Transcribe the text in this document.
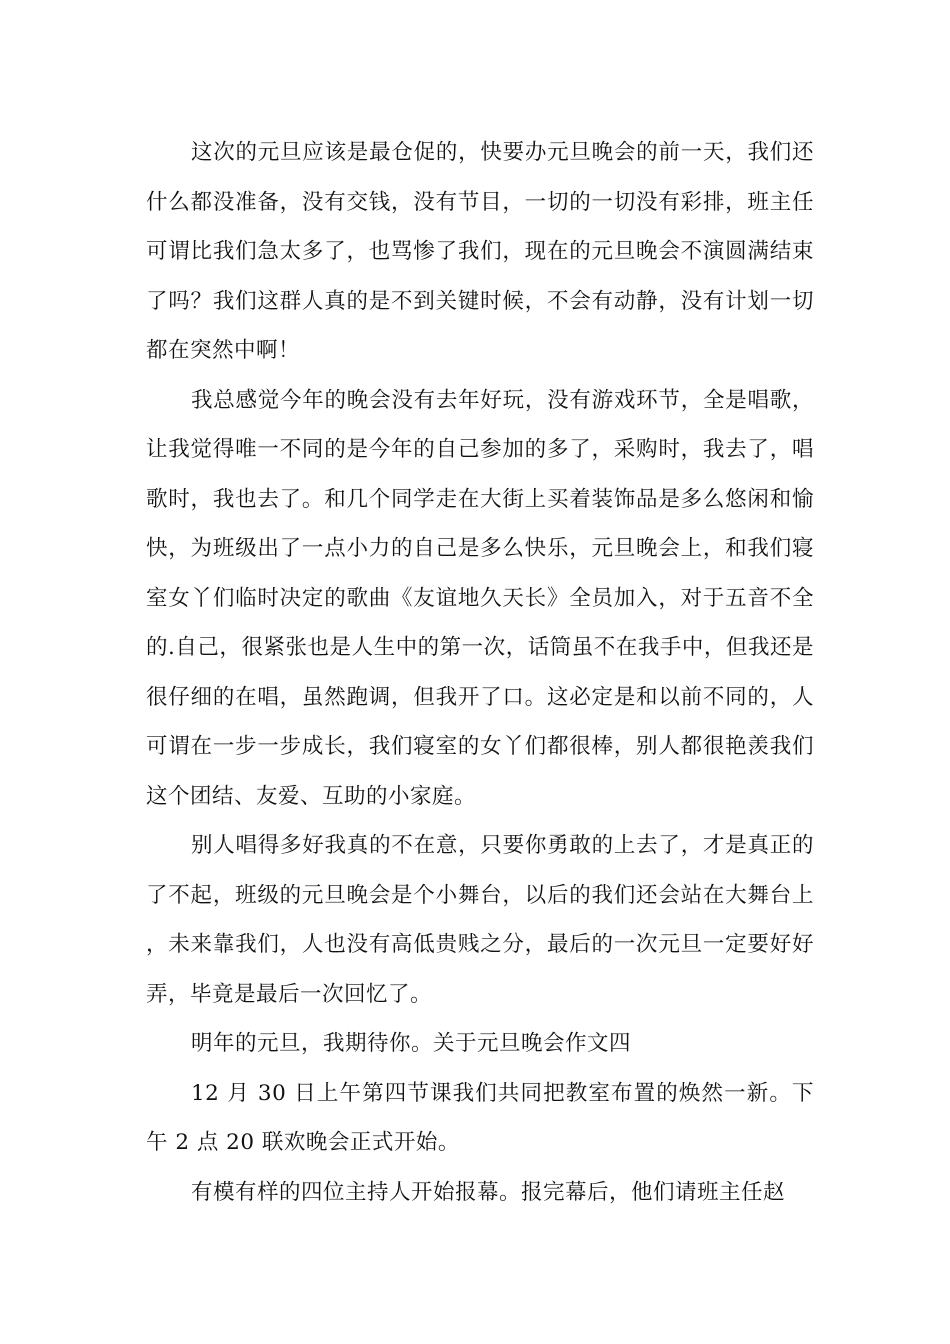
这次的元旦应该是最仓促的，快要办元旦晚会的前一天，我们还什么都没准备，没有交钱，没有节目，一切的一切没有彩排，班主任可谓比我们急太多了，也骂惨了我们，现在的元旦晚会不演圆满结束了吗？我们这群人真的是不到关键时候，不会有动静，没有计划一切都在突然中啊！

我总感觉今年的晚会没有去年好玩，没有游戏环节，全是唱歌，让我觉得唯一不同的是今年的自己参加的多了，采购时，我去了，唱歌时，我也去了。和几个同学走在大街上买着装饰品是多么悠闲和愉快，为班级出了一点小力的自己是多么快乐，元旦晚会上，和我们寝室女丫们临时决定的歌曲《友谊地久天长》全员加入，对于五音不全的.自己，很紧张也是人生中的第一次，话筒虽不在我手中，但我还是很仔细的在唱，虽然跑调，但我开了口。这必定是和以前不同的，人可谓在一步一步成长，我们寝室的女丫们都很棒，别人都很艳羡我们这个团结、友爱、互助的小家庭。

别人唱得多好我真的不在意，只要你勇敢的上去了，才是真正的了不起，班级的元旦晚会是个小舞台，以后的我们还会站在大舞台上 ，未来靠我们，人也没有高低贵贱之分，最后的一次元旦一定要好好弄，毕竟是最后一次回忆了。

明年的元旦，我期待你。关于元旦晚会作文四

12 月 30 日上午第四节课我们共同把教室布置的焕然一新。下午 2 点 20 联欢晚会正式开始。

有模有样的四位主持人开始报幕。报完幕后，他们请班主任赵
